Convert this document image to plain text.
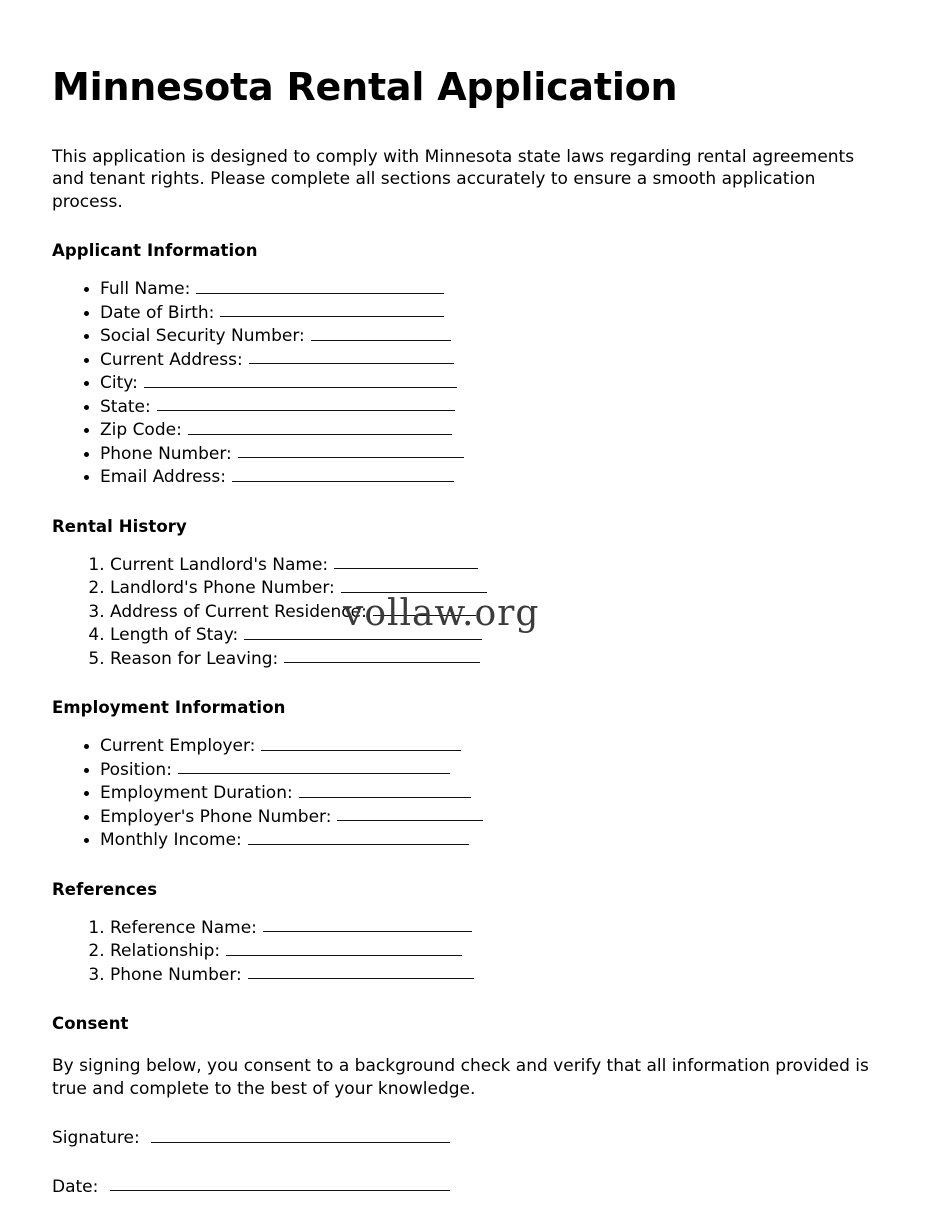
Minnesota Rental Application

This application is designed to comply with Minnesota state laws regarding rental agreements and tenant rights. Please complete all sections accurately to ensure a smooth application process.

Applicant Information
• Full Name:
• Date of Birth:
• Social Security Number:
• Current Address:
• City:
• State:
• Zip Code:
• Phone Number:
• Email Address:
Rental History
1. Current Landlord's Name:
2. Landlord's Phone Number:
3. Address of Current Residence:
4. Length of Stay:
5. Reason for Leaving:
Employment Information
• Current Employer:
• Position:
• Employment Duration:
• Employer's Phone Number:
• Monthly Income:
References
1. Reference Name:
2. Relationship:
3. Phone Number:
Consent

By signing below, you consent to a background check and verify that all information provided is true and complete to the best of your knowledge.

Signature:
Date:
vollaw.org
